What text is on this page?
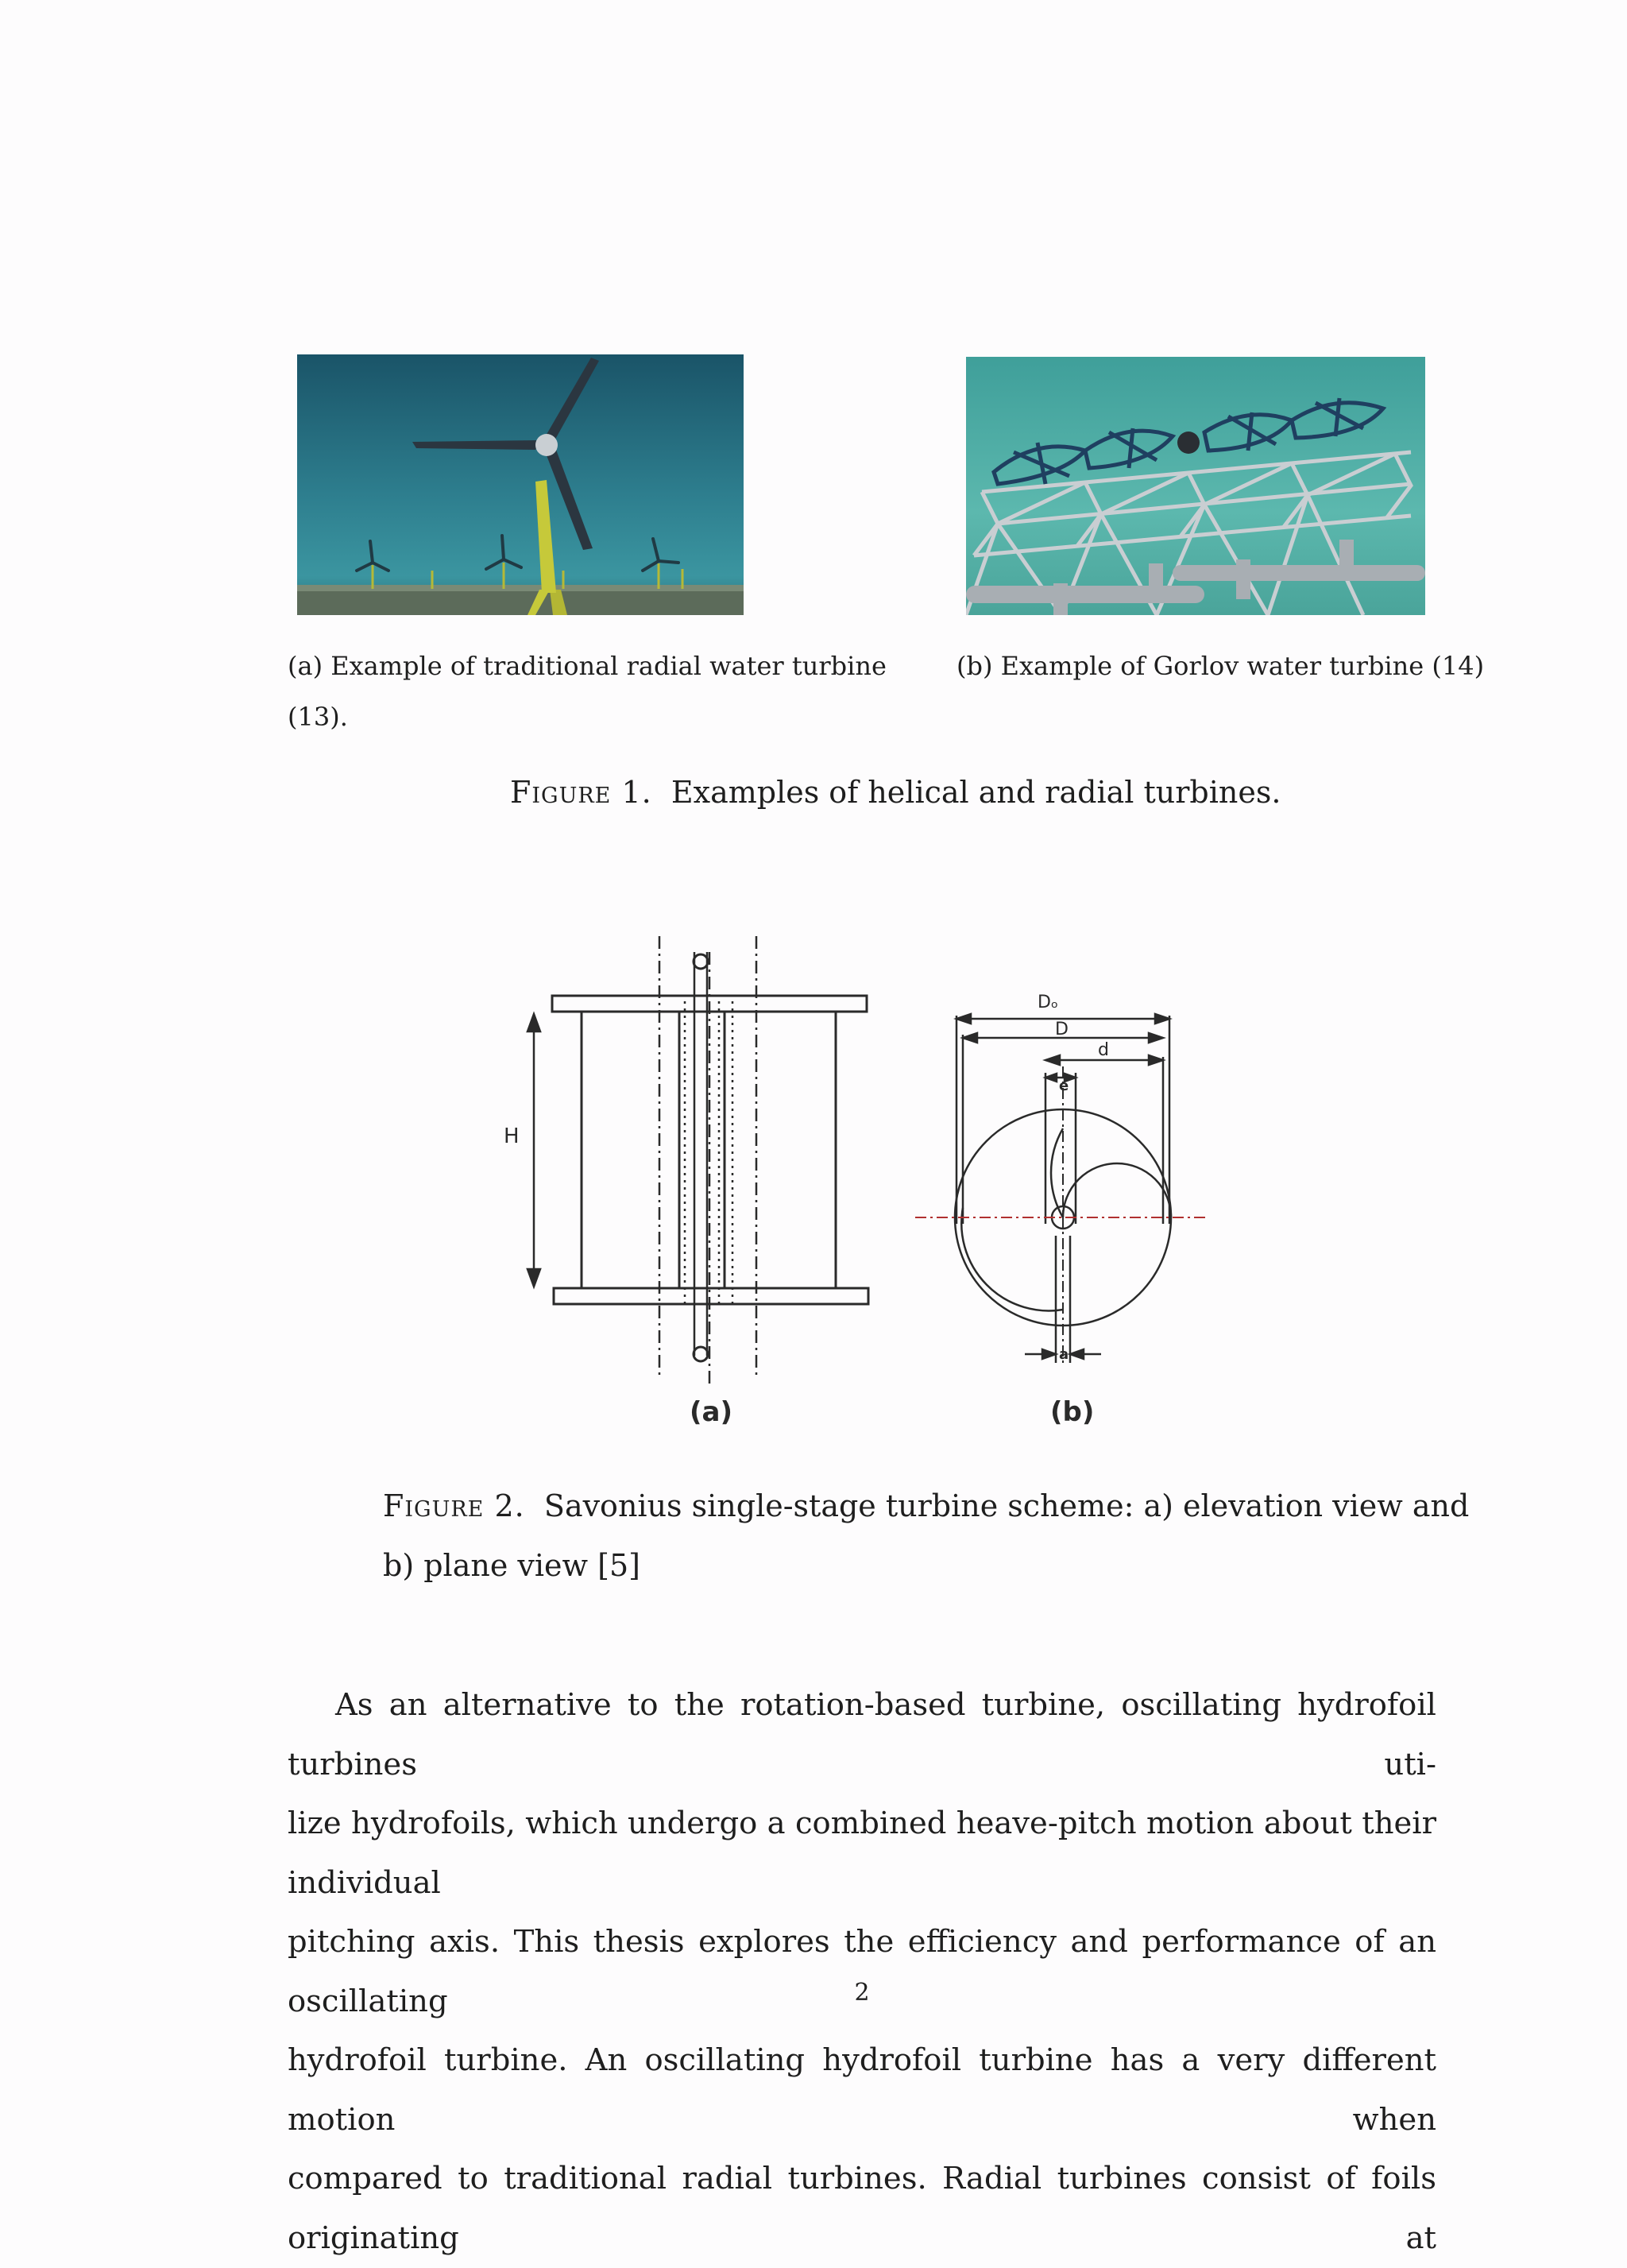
(a) Example of traditional radial water turbine
(13).
(b) Example of Gorlov water turbine (14)
Figure 1. Examples of helical and radial turbines.
H
Dₒ
D
d
e
a
(a)	(b)
Figure 2. Savonius single-stage turbine scheme: a) elevation view and
b) plane view [5]

As an alternative to the rotation-based turbine, oscillating hydrofoil turbines uti-

lize hydrofoils, which undergo a combined heave-pitch motion about their individual

pitching axis. This thesis explores the efficiency and performance of an oscillating

hydrofoil turbine. An oscillating hydrofoil turbine has a very different motion when

compared to traditional radial turbines. Radial turbines consist of foils originating at

2
